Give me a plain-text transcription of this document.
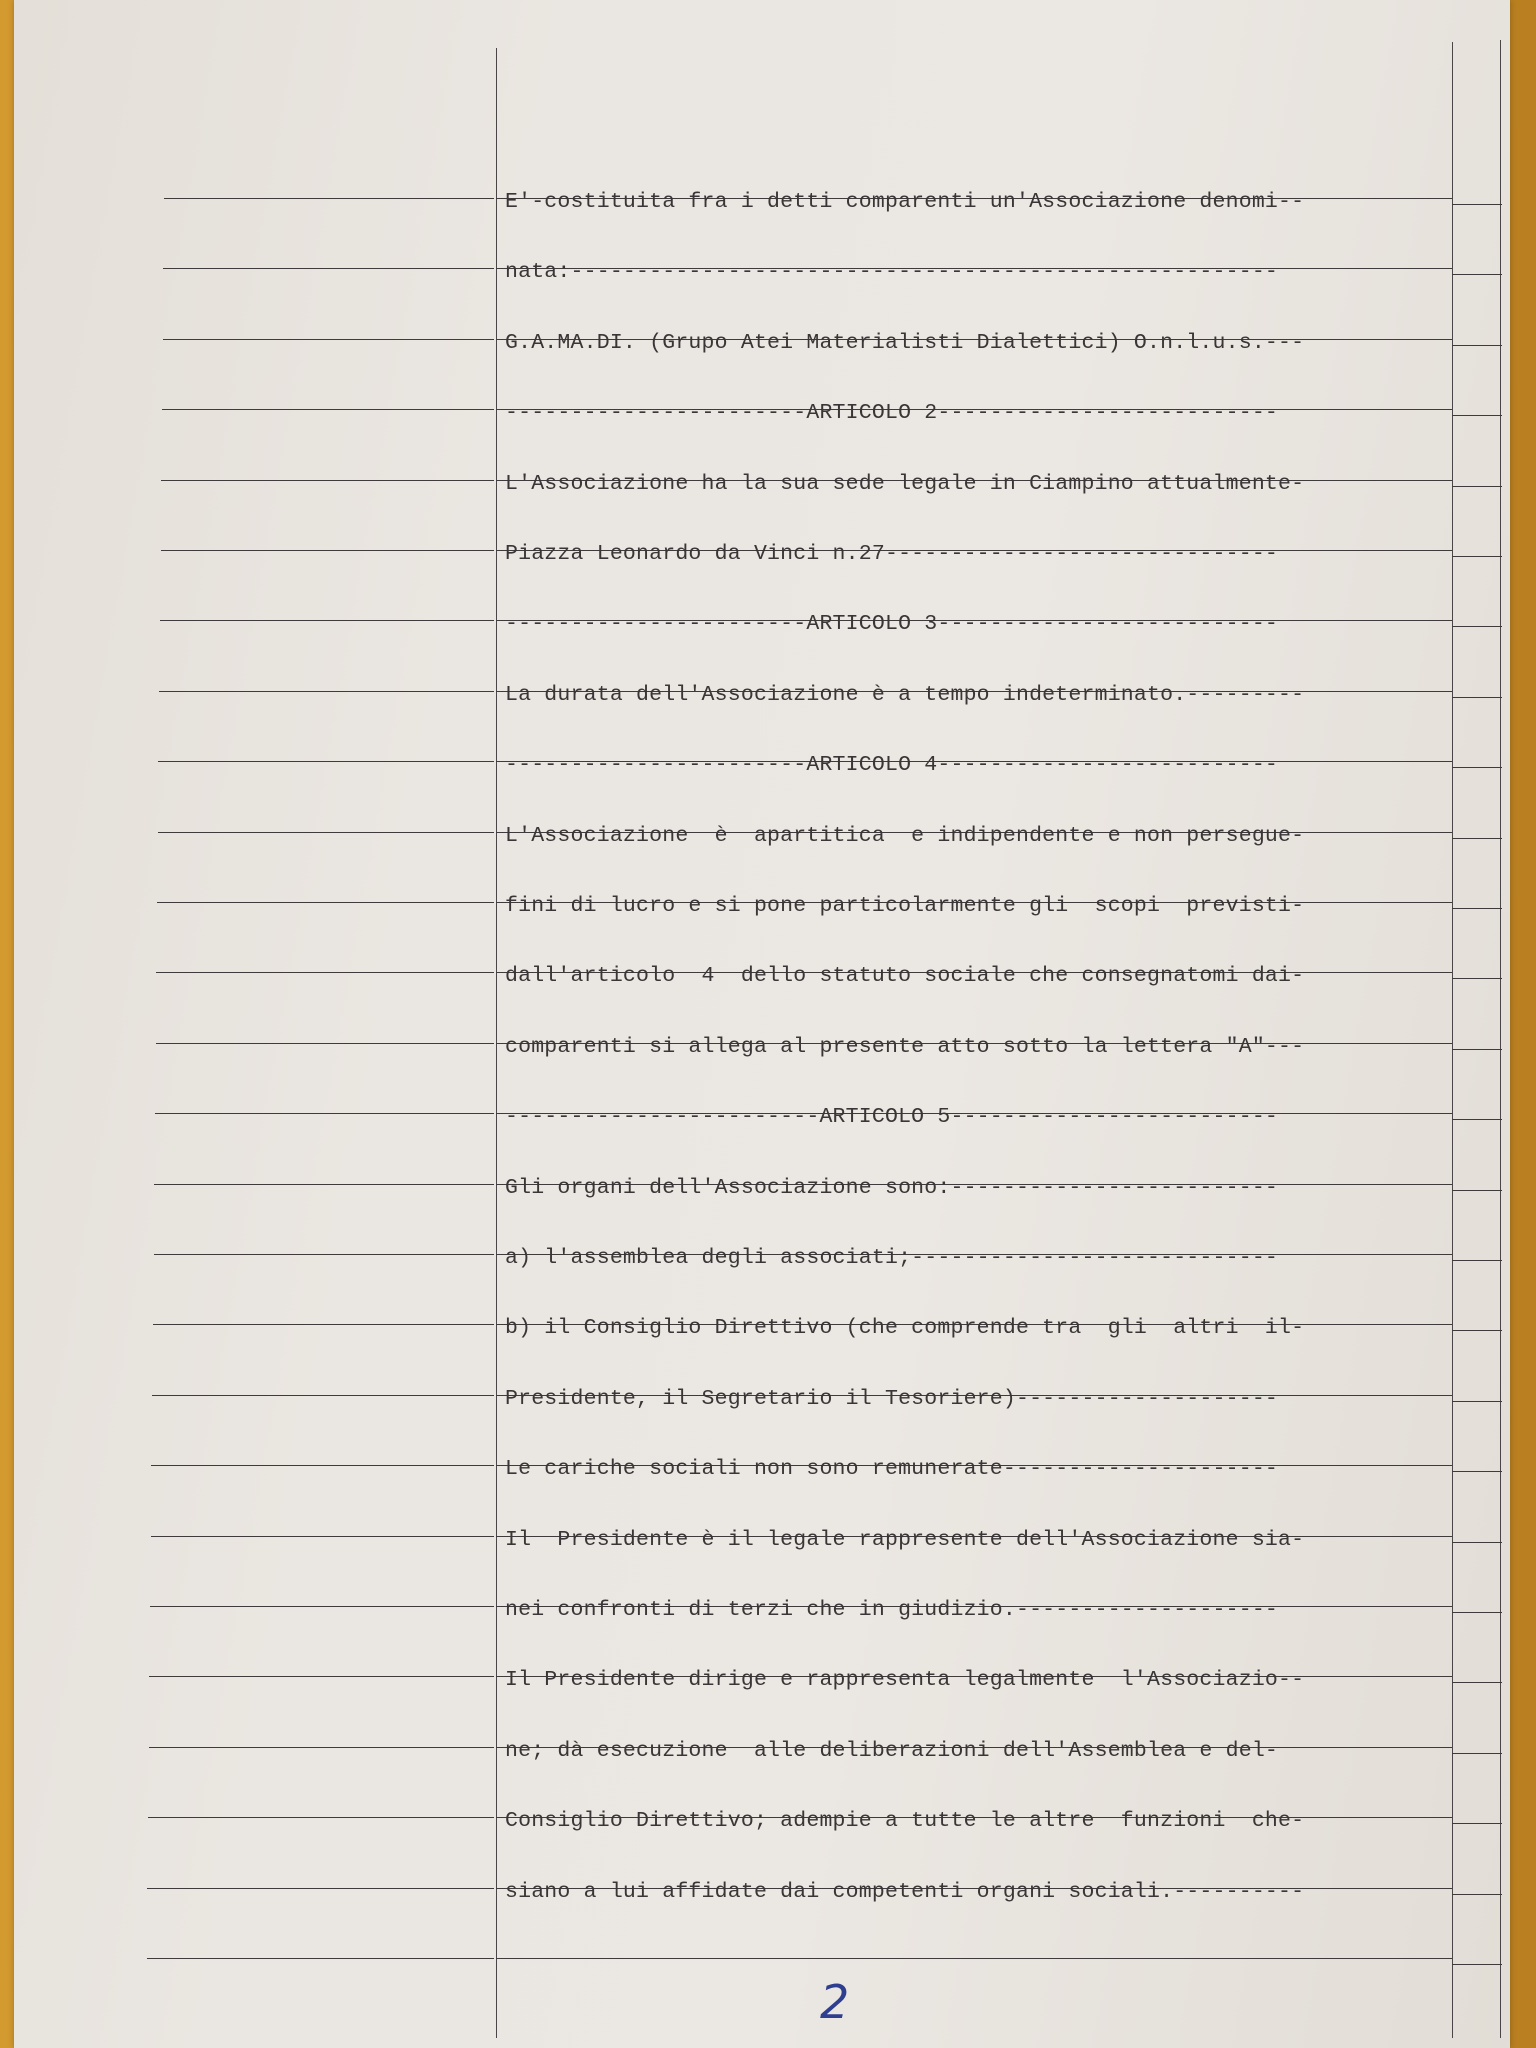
E'-costituita fra i detti comparenti un'Associazione denomi--
nata:------------------------------------------------------
G.A.MA.DI. (Grupo Atei Materialisti Dialettici) O.n.l.u.s.---
-----------------------ARTICOLO 2--------------------------
L'Associazione ha la sua sede legale in Ciampino attualmente-
Piazza Leonardo da Vinci n.27------------------------------
-----------------------ARTICOLO 3--------------------------
La durata dell'Associazione è a tempo indeterminato.---------
-----------------------ARTICOLO 4--------------------------
L'Associazione  è  apartitica  e indipendente e non persegue-
fini di lucro e si pone particolarmente gli  scopi  previsti-
dall'articolo  4  dello statuto sociale che consegnatomi dai-
comparenti si allega al presente atto sotto la lettera "A"---
------------------------ARTICOLO 5-------------------------
Gli organi dell'Associazione sono:-------------------------
a) l'assemblea degli associati;----------------------------
b) il Consiglio Direttivo (che comprende tra  gli  altri  il-
Presidente, il Segretario il Tesoriere)--------------------
Le cariche sociali non sono remunerate---------------------
Il  Presidente è il legale rappresente dell'Associazione sia-
nei confronti di terzi che in giudizio.--------------------
Il Presidente dirige e rappresenta legalmente  l'Associazio--
ne; dà esecuzione  alle deliberazioni dell'Assemblea e del-
Consiglio Direttivo; adempie a tutte le altre  funzioni  che-
siano a lui affidate dai competenti organi sociali.----------
2
